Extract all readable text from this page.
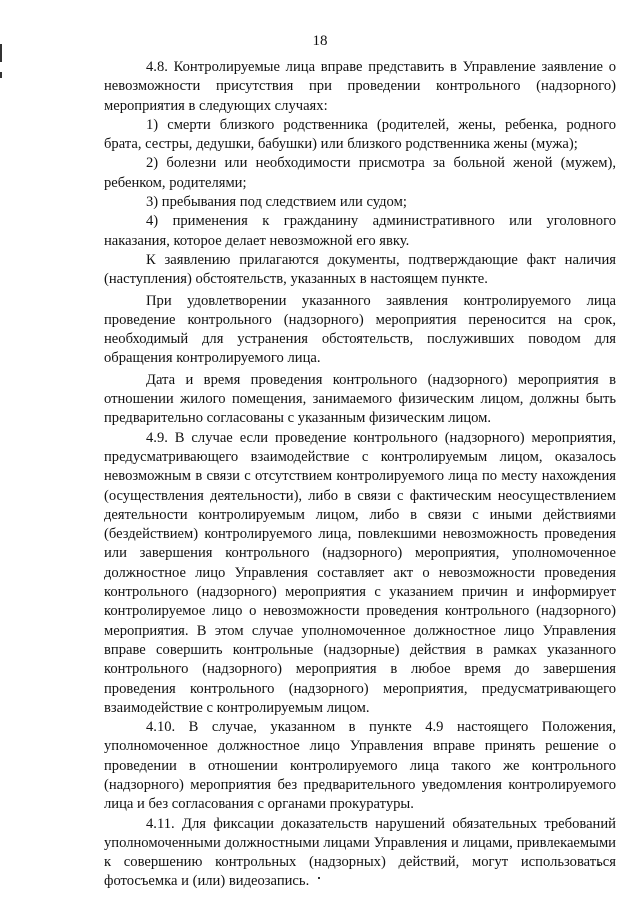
18

4.8. Контролируемые лица вправе представить в Управление заявление о невозможности присутствия при проведении контрольного (надзорного) мероприятия в следующих случаях:

1) смерти близкого родственника (родителей, жены, ребенка, родного брата, сестры, дедушки, бабушки) или близкого родственника жены (мужа);

2) болезни или необходимости присмотра за больной женой (мужем), ребенком, родителями;

3) пребывания под следствием или судом;

4) применения к гражданину административного или уголовного наказания, которое делает невозможной его явку.

К заявлению прилагаются документы, подтверждающие факт наличия (наступления) обстоятельств, указанных в настоящем пункте.

При удовлетворении указанного заявления контролируемого лица проведение контрольного (надзорного) мероприятия переносится на срок, необходимый для устранения обстоятельств, послуживших поводом для обращения контролируемого лица.

Дата и время проведения контрольного (надзорного) мероприятия в отношении жилого помещения, занимаемого физическим лицом, должны быть предварительно согласованы с указанным физическим лицом.

4.9. В случае если проведение контрольного (надзорного) мероприятия, предусматривающего взаимодействие с контролируемым лицом, оказалось невозможным в связи с отсутствием контролируемого лица по месту нахождения (осуществления деятельности), либо в связи с фактическим неосуществлением деятельности контролируемым лицом, либо в связи с иными действиями (бездействием) контролируемого лица, повлекшими невозможность проведения или завершения контрольного (надзорного) мероприятия, уполномоченное должностное лицо Управления составляет акт о невозможности проведения контрольного (надзорного) мероприятия с указанием причин и информирует контролируемое лицо о невозможности проведения контрольного (надзорного) мероприятия. В этом случае уполномоченное должностное лицо Управления вправе совершить контрольные (надзорные) действия в рамках указанного контрольного (надзорного) мероприятия в любое время до завершения проведения контрольного (надзорного) мероприятия, предусматривающего взаимодействие с контролируемым лицом.

4.10. В случае, указанном в пункте 4.9 настоящего Положения, уполномоченное должностное лицо Управления вправе принять решение о проведении в отношении контролируемого лица такого же контрольного (надзорного) мероприятия без предварительного уведомления контролируемого лица и без согласования с органами прокуратуры.

4.11. Для фиксации доказательств нарушений обязательных требований уполномоченными должностными лицами Управления и лицами, привлекаемыми к совершению контрольных (надзорных) действий, могут использоваться фотосъемка и (или) видеозапись.
